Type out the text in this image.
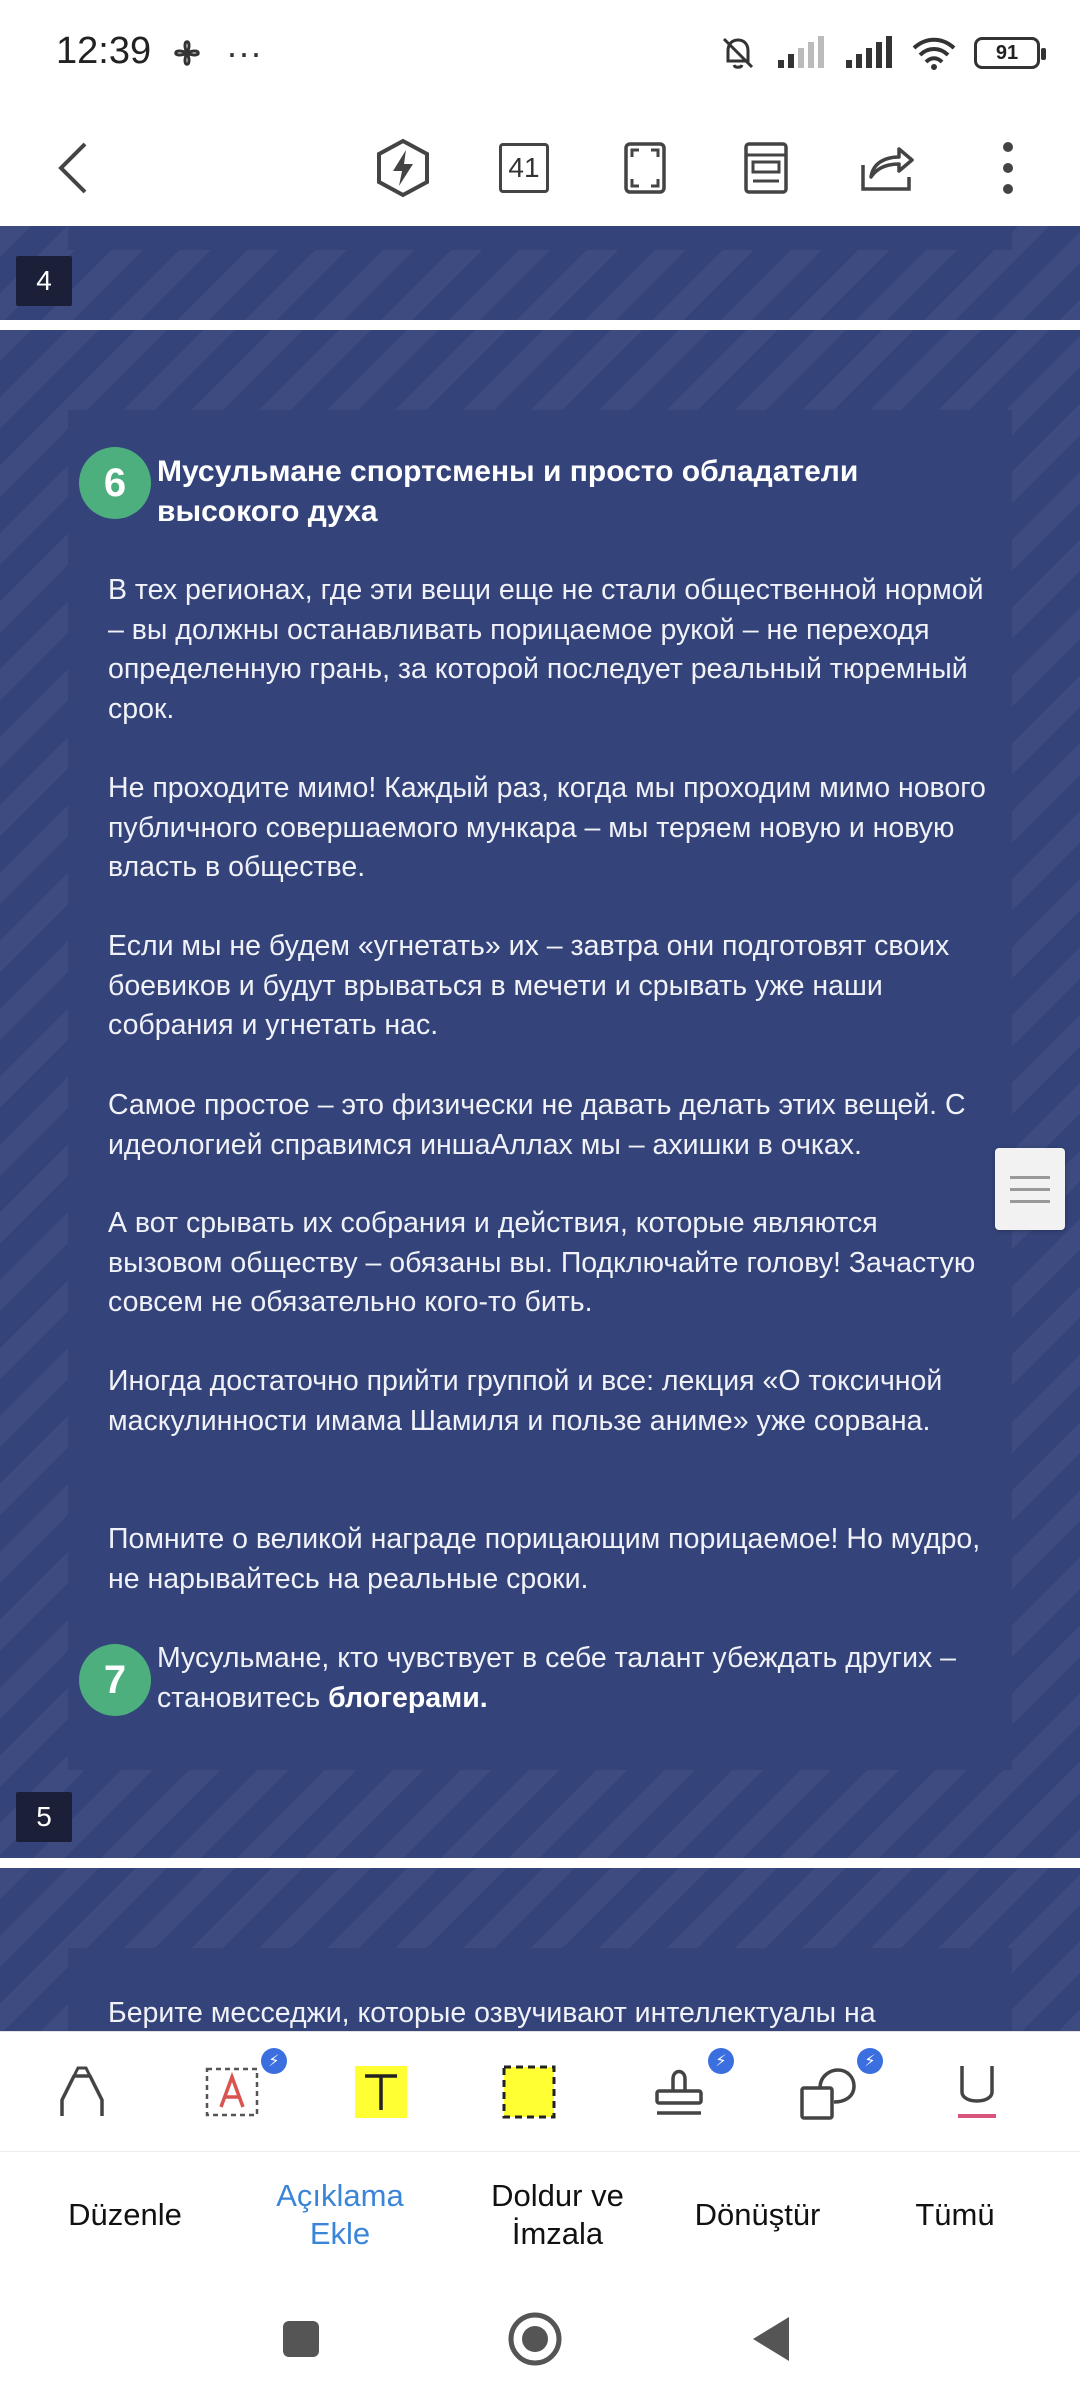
12:39	···	91
41
4
6	Мусульмане спортсмены и просто обладатели высокого духа
В тех регионах, где эти вещи еще не стали общественной нормой – вы должны останавливать порицаемое рукой – не переходя определенную грань, за которой последует реальный тюремный срок.
Не проходите мимо! Каждый раз, когда мы проходим мимо нового публичного совершаемого мункара – мы теряем новую и новую власть в обществе.
Если мы не будем «угнетать» их – завтра они подготовят своих боевиков и будут врываться в мечети и срывать уже наши собрания и угнетать нас.
Самое простое – это физически не давать делать этих вещей. С идеологией справимся иншаАллах мы – ахишки в очках.
А вот срывать их собрания и действия, которые являются вызовом обществу – обязаны вы. Подключайте голову! Зачастую совсем не обязательно кого-то бить.
Иногда достаточно прийти группой и все: лекция «О токсичной маскулинности имама Шамиля и пользе аниме» уже сорвана.
Помните о великой награде порицающим порицаемое! Но мудро, не нарывайтесь на реальные сроки.
7	Мусульмане, кто чувствует в себе талант убеждать других – становитесь блогерами.
5
Берите месседжи, которые озвучивают интеллектуалы на
⚡	⚡	⚡
Düzenle
Açıklama Ekle
Doldur ve İmzala
Dönüştür	Tümü
